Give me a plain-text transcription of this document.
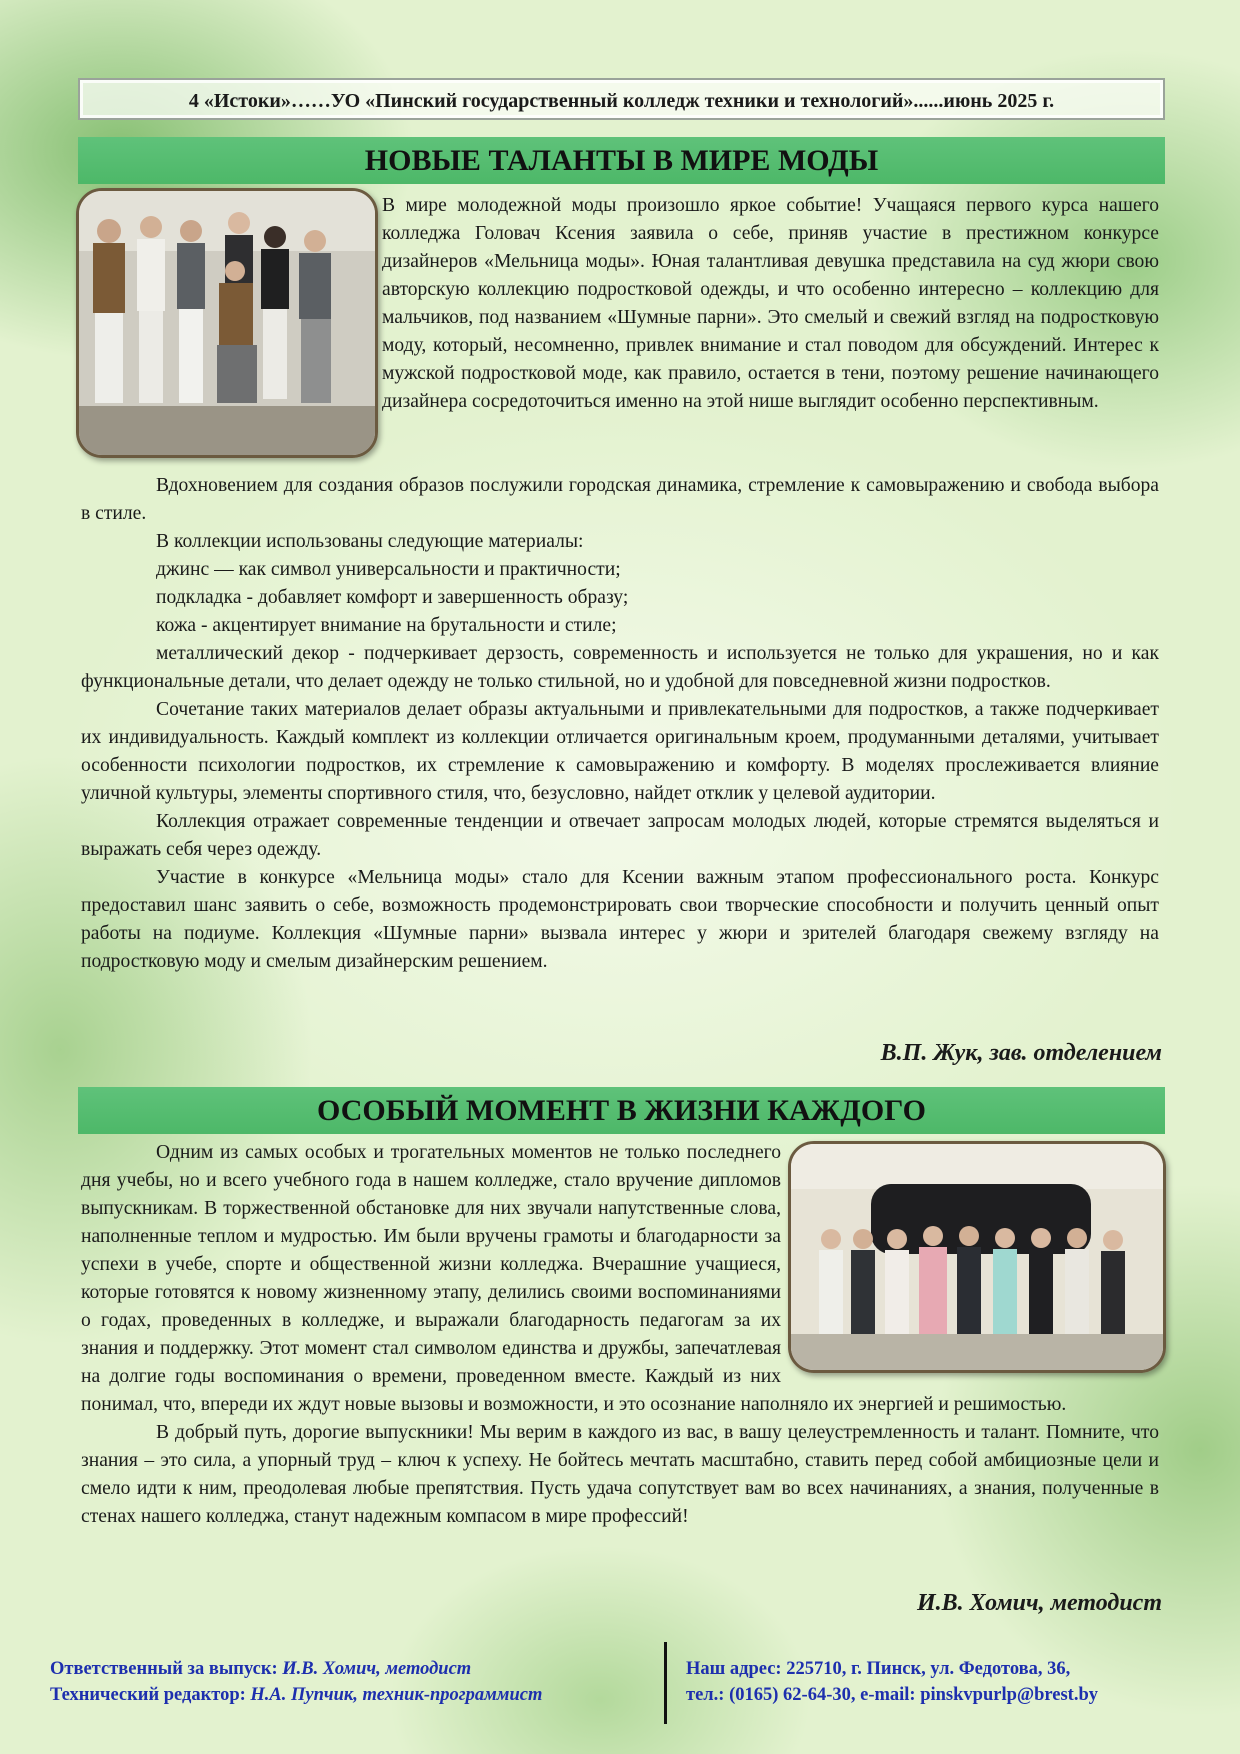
4 «Истоки»……УО «Пинский государственный колледж техники и технологий»......июнь 2025 г.
НОВЫЕ ТАЛАНТЫ В МИРЕ МОДЫ

В мире молодежной моды произошло яркое событие! Учащаяся первого курса нашего колледжа Головач Ксения заявила о себе, приняв участие в престижном конкурсе дизайнеров «Мельница моды». Юная талантливая девушка представила на суд жюри свою авторскую коллекцию подростковой одежды, и что особенно интересно – коллекцию для мальчиков, под названием «Шумные парни». Это смелый и свежий взгляд на подростковую моду, который, несомненно, привлек внимание и стал поводом для обсуждений. Интерес к мужской подростковой моде, как правило, остается в тени, поэтому решение начинающего дизайнера сосредоточиться именно на этой нише выглядит особенно перспективным.

Вдохновением для создания образов послужили городская динамика, стремление к самовыражению и свобода выбора в стиле.

В коллекции использованы следующие материалы:

джинс — как символ универсальности и практичности;

подкладка - добавляет комфорт и завершенность образу;

кожа - акцентирует внимание на брутальности и стиле;

металлический декор - подчеркивает дерзость, современность и используется не только для украшения, но и как функциональные детали, что делает одежду не только стильной, но и удобной для повседневной жизни подростков.

Сочетание таких материалов делает образы актуальными и привлекательными для подростков, а также подчеркивает их индивидуальность. Каждый комплект из коллекции отличается оригинальным кроем, продуманными деталями, учитывает особенности психологии подростков, их стремление к самовыражению и комфорту. В моделях прослеживается влияние уличной культуры, элементы спортивного стиля, что, безусловно, найдет отклик у целевой аудитории.

Коллекция отражает современные тенденции и отвечает запросам молодых людей, которые стремятся выделяться и выражать себя через одежду.

Участие в конкурсе «Мельница моды» стало для Ксении важным этапом профессионального роста. Конкурс предоставил шанс заявить о себе, возможность продемонстрировать свои творческие способности и получить ценный опыт работы на подиуме. Коллекция «Шумные парни» вызвала интерес у жюри и зрителей благодаря свежему взгляду на подростковую моду и смелым дизайнерским решением.

В.П. Жук, зав. отделением
ОСОБЫЙ МОМЕНТ В ЖИЗНИ КАЖДОГО

Одним из самых особых и трогательных моментов не только последнего дня учебы, но и всего учебного года в нашем колледже, стало вручение дипломов выпускникам. В торжественной обстановке для них звучали напутственные слова, наполненные теплом и мудростью. Им были вручены грамоты и благодарности за успехи в учебе, спорте и общественной жизни колледжа. Вчерашние учащиеся, которые готовятся к новому жизненному этапу, делились своими воспоминаниями о годах, проведенных в колледже, и выражали благодарность педагогам за их знания и поддержку. Этот момент стал символом единства и дружбы, запечатлевая на долгие годы воспоминания о времени, проведенном вместе. Каждый из них понимал, что, впереди их ждут новые вызовы и возможности, и это осознание наполняло их энергией и решимостью.

В добрый путь, дорогие выпускники! Мы верим в каждого из вас, в вашу целеустремленность и талант. Помните, что знания – это сила, а упорный труд – ключ к успеху. Не бойтесь мечтать масштабно, ставить перед собой амбициозные цели и смело идти к ним, преодолевая любые препятствия. Пусть удача сопутствует вам во всех начинаниях, а знания, полученные в стенах нашего колледжа, станут надежным компасом в мире профессий!

И.В. Хомич, методист
Ответственный за выпуск: И.В. Хомич, методист
Технический редактор: Н.А. Пупчик, техник-программист
Наш адрес: 225710, г. Пинск, ул. Федотова, 36,
тел.: (0165) 62-64-30, e-mail: pinskvpurlp@brest.by
